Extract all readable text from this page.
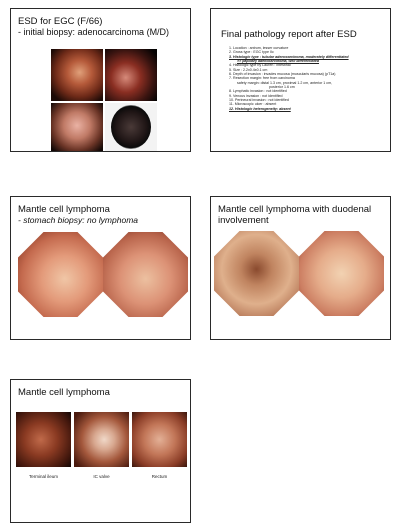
ESD for EGC (F/66)
- initial biopsy: adenocarcinoma (M/D)	Final pathology report after ESD
1. Location : antrum, lesser curvature
2. Gross type : EGC type IIc
3. Histologic type : tubular adenocarcinoma, moderately differentiated
>> papillary adenocarcinoma, well differentiated
4. Histologic type by Lauren : intestinal
5. Size : 2.2x0.4x0.1 cm
6. Depth of invasion : invades mucosa (muscularis mucosa) (pT1a)
7. Resection margin: free from carcinoma
safety margin: distal 1.3 cm, proximal 1.2 cm, anterior 1 cm,
posterior 1.6 cm
8. Lymphatic invasion : not identified
9. Venous invasion : not identified
10. Perineural invasion : not identified
11. Microscopic ulcer : absent
12. Histologic heterogeneity: absent
Mantle cell lymphoma
- stomach biopsy: no lymphoma
Mantle cell lymphoma with duodenal involvement
Mantle cell lymphoma
Terminal ileum	IC valve	Rectum
